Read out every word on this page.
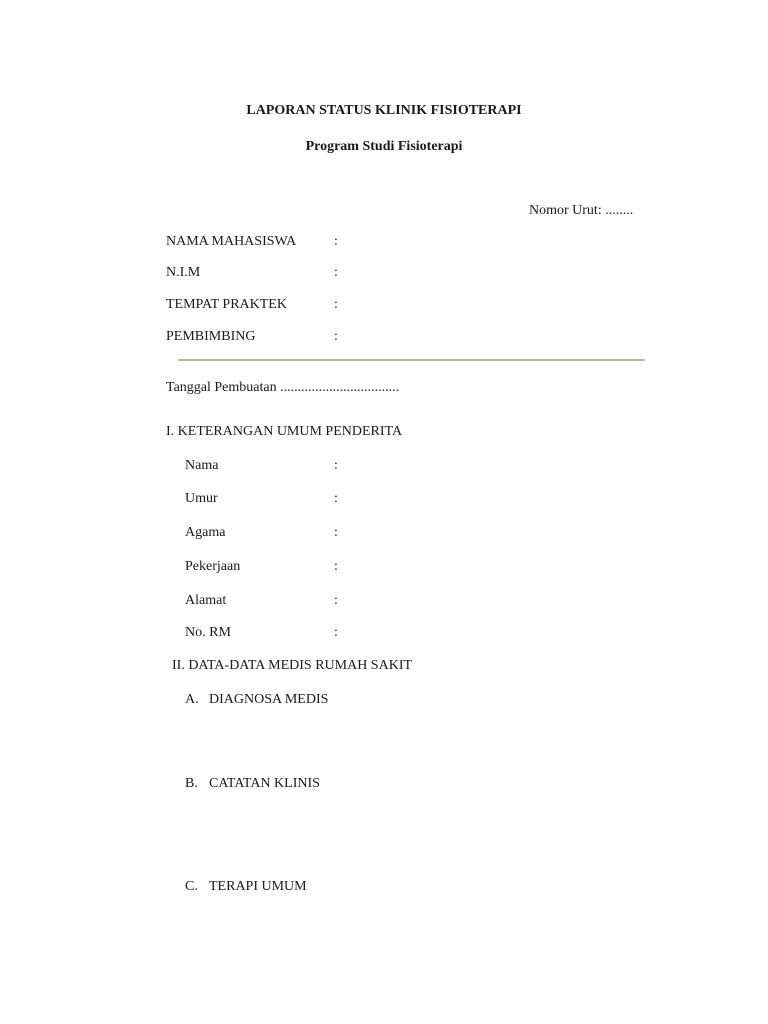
LAPORAN STATUS KLINIK FISIOTERAPI
Program Studi Fisioterapi
Nomor Urut: ........
NAMA MAHASISWA	:
N.I.M	:
TEMPAT PRAKTEK	:
PEMBIMBING	:
Tanggal Pembuatan ..................................
I. KETERANGAN UMUM PENDERITA
Nama	:
Umur	:
Agama	:
Pekerjaan	:
Alamat	:
No. RM	:
II. DATA-DATA MEDIS RUMAH SAKIT
A. DIAGNOSA MEDIS
B. CATATAN KLINIS
C. TERAPI UMUM
